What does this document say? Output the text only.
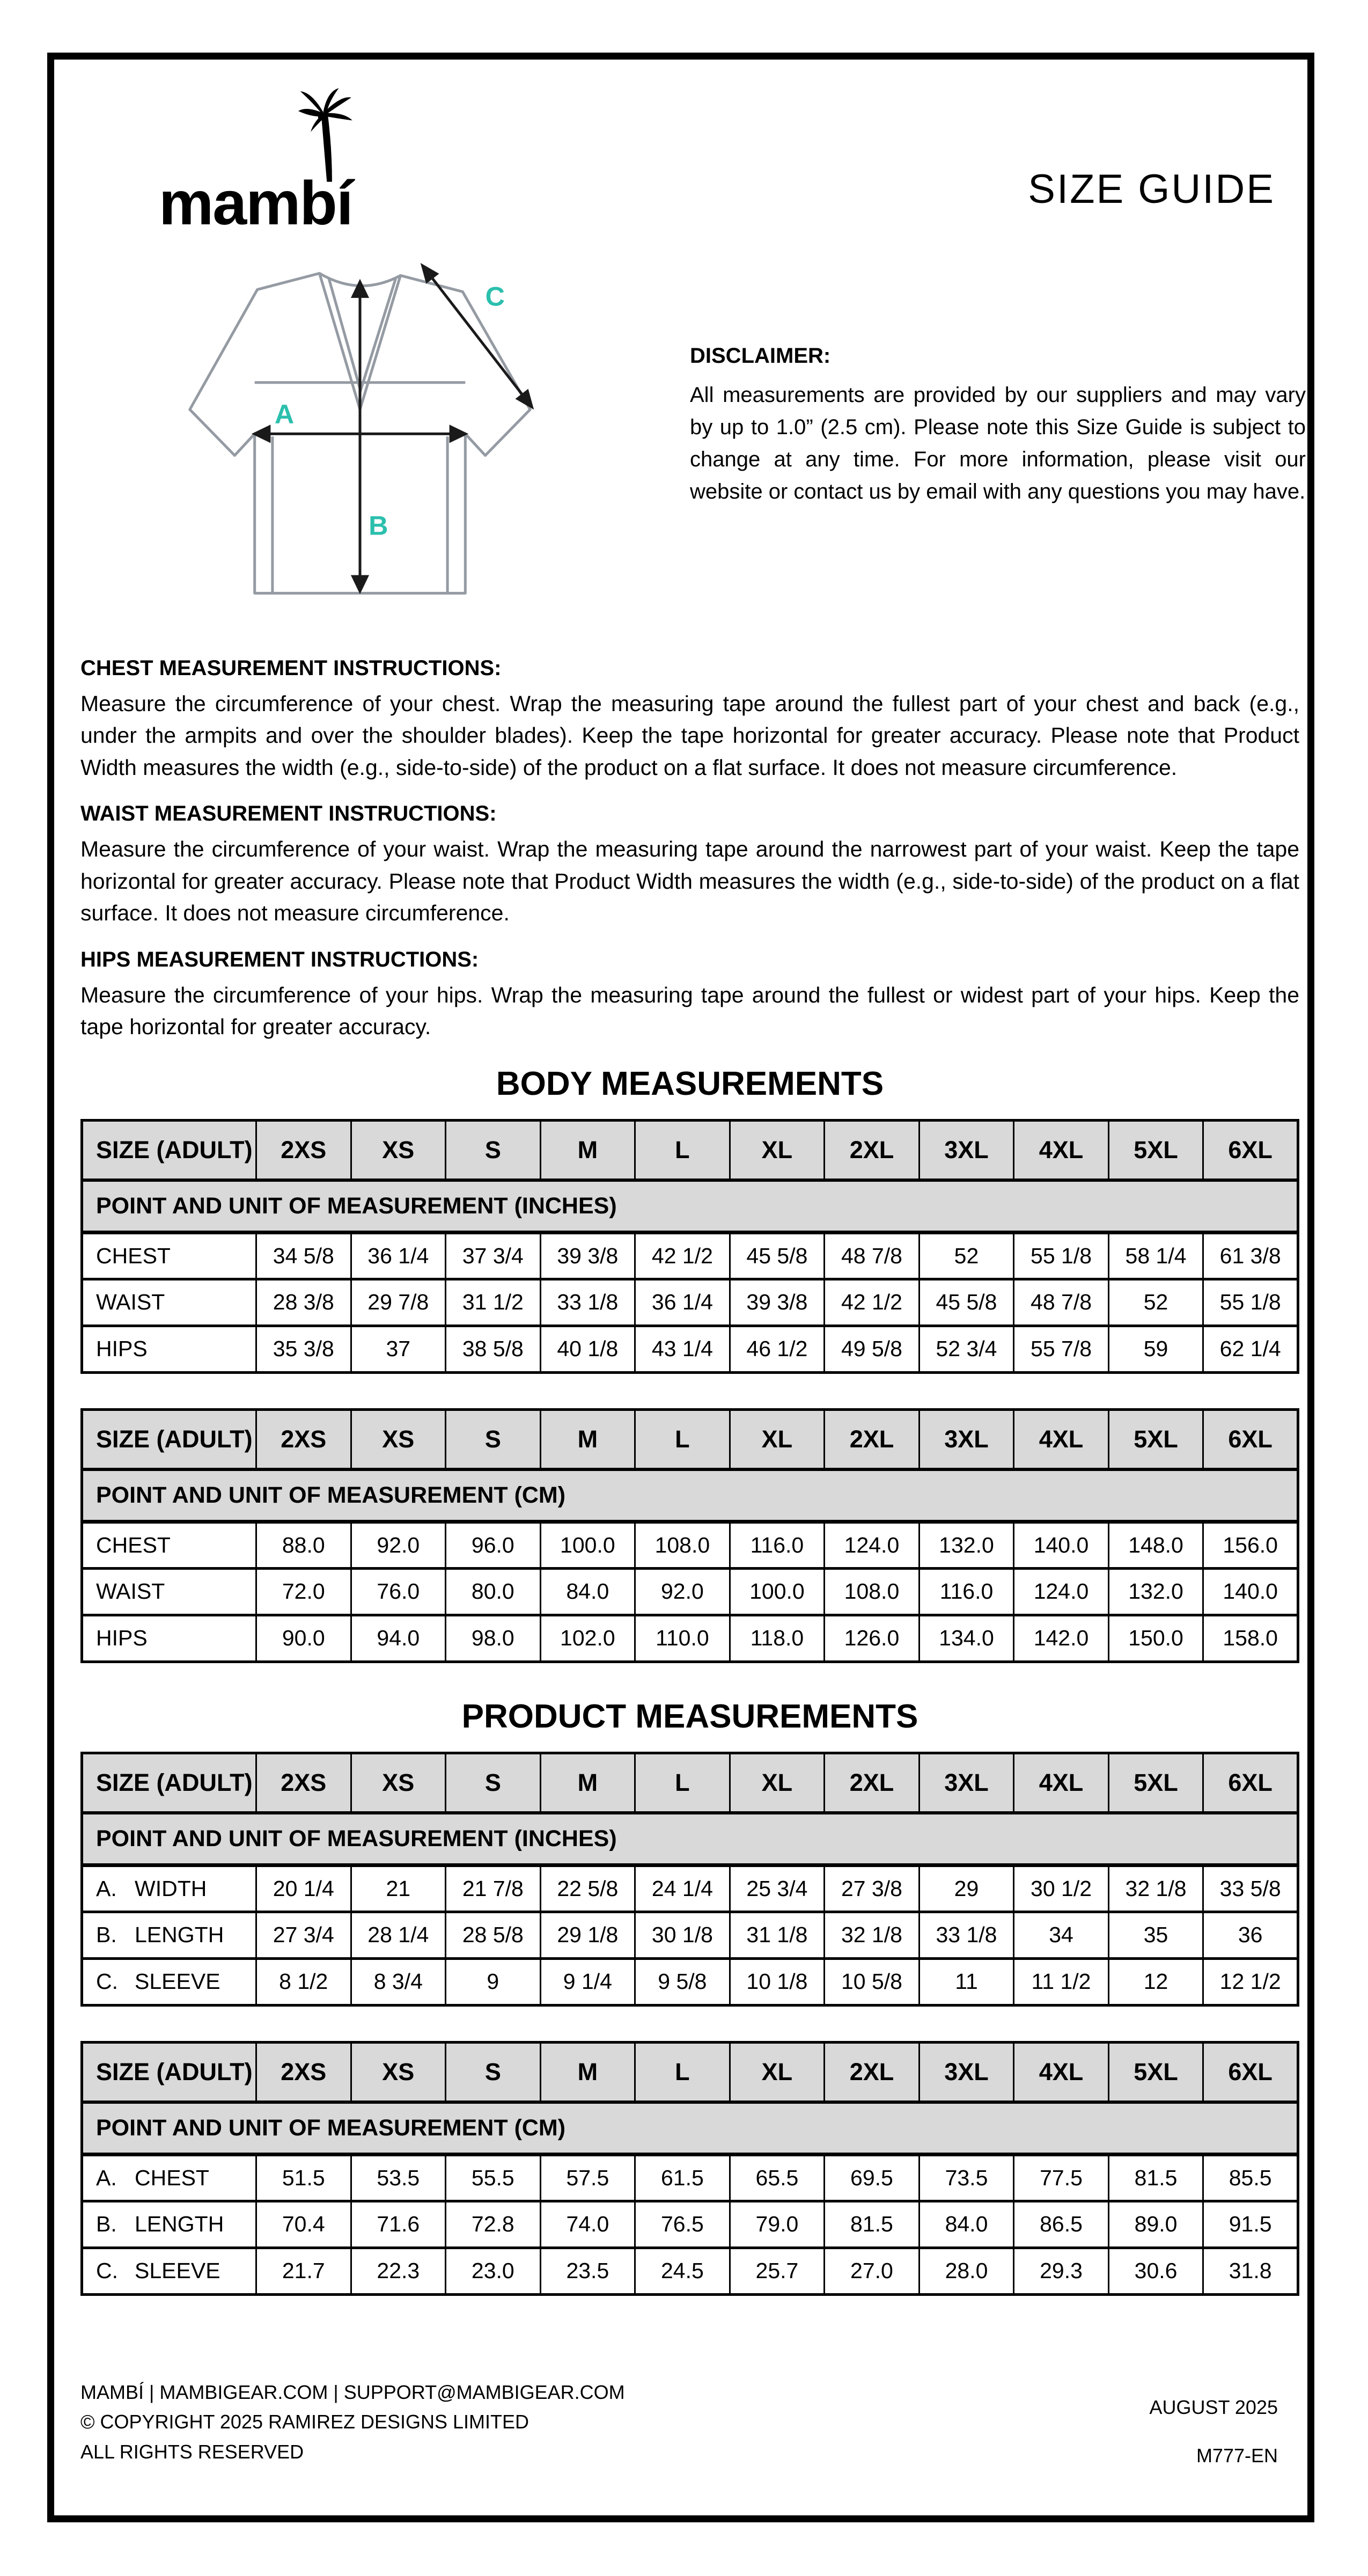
mambí	SIZE GUIDE
A
B
C
DISCLAIMER:

All measurements are provided by our suppliers and may vary by up to 1.0” (2.5 cm). Please note this Size Guide is subject to change at any time. For more information, please visit our website or contact us by email with any questions you may have.

CHEST MEASUREMENT INSTRUCTIONS:

Measure the circumference of your chest. Wrap the measuring tape around the fullest part of your chest and back (e.g., under the armpits and over the shoulder blades). Keep the tape horizontal for greater accuracy. Please note that Product Width measures the width (e.g., side-to-side) of the product on a flat surface. It does not measure circumference.

WAIST MEASUREMENT INSTRUCTIONS:

Measure the circumference of your waist. Wrap the measuring tape around the narrowest part of your waist. Keep the tape horizontal for greater accuracy. Please note that Product Width measures the width (e.g., side-to-side) of the product on a flat surface. It does not measure circumference.

HIPS MEASUREMENT INSTRUCTIONS:

Measure the circumference of your hips. Wrap the measuring tape around the fullest or widest part of your hips. Keep the tape horizontal for greater accuracy.

BODY MEASUREMENTS
SIZE (ADULT)	2XS	XS	S	M	L	XL	2XL	3XL	4XL	5XL	6XL
POINT AND UNIT OF MEASUREMENT (INCHES)											
CHEST	34 5/8	36 1/4	37 3/4	39 3/8	42 1/2	45 5/8	48 7/8	52	55 1/8	58 1/4	61 3/8
WAIST	28 3/8	29 7/8	31 1/2	33 1/8	36 1/4	39 3/8	42 1/2	45 5/8	48 7/8	52	55 1/8
HIPS	35 3/8	37	38 5/8	40 1/8	43 1/4	46 1/2	49 5/8	52 3/4	55 7/8	59	62 1/4
SIZE (ADULT)	2XS	XS	S	M	L	XL	2XL	3XL	4XL	5XL	6XL
POINT AND UNIT OF MEASUREMENT (CM)											
CHEST	88.0	92.0	96.0	100.0	108.0	116.0	124.0	132.0	140.0	148.0	156.0
WAIST	72.0	76.0	80.0	84.0	92.0	100.0	108.0	116.0	124.0	132.0	140.0
HIPS	90.0	94.0	98.0	102.0	110.0	118.0	126.0	134.0	142.0	150.0	158.0
PRODUCT MEASUREMENTS
SIZE (ADULT)	2XS	XS	S	M	L	XL	2XL	3XL	4XL	5XL	6XL
POINT AND UNIT OF MEASUREMENT (INCHES)											
A. WIDTH	20 1/4	21	21 7/8	22 5/8	24 1/4	25 3/4	27 3/8	29	30 1/2	32 1/8	33 5/8
B. LENGTH	27 3/4	28 1/4	28 5/8	29 1/8	30 1/8	31 1/8	32 1/8	33 1/8	34	35	36
C. SLEEVE	8 1/2	8 3/4	9	9 1/4	9 5/8	10 1/8	10 5/8	11	11 1/2	12	12 1/2
SIZE (ADULT)	2XS	XS	S	M	L	XL	2XL	3XL	4XL	5XL	6XL
POINT AND UNIT OF MEASUREMENT (CM)											
A. CHEST	51.5	53.5	55.5	57.5	61.5	65.5	69.5	73.5	77.5	81.5	85.5
B. LENGTH	70.4	71.6	72.8	74.0	76.5	79.0	81.5	84.0	86.5	89.0	91.5
C. SLEEVE	21.7	22.3	23.0	23.5	24.5	25.7	27.0	28.0	29.3	30.6	31.8
MAMBÍ | MAMBIGEAR.COM | SUPPORT@MAMBIGEAR.COM
© COPYRIGHT 2025 RAMIREZ DESIGNS LIMITED
ALL RIGHTS RESERVED
AUGUST 2025
M777-EN
